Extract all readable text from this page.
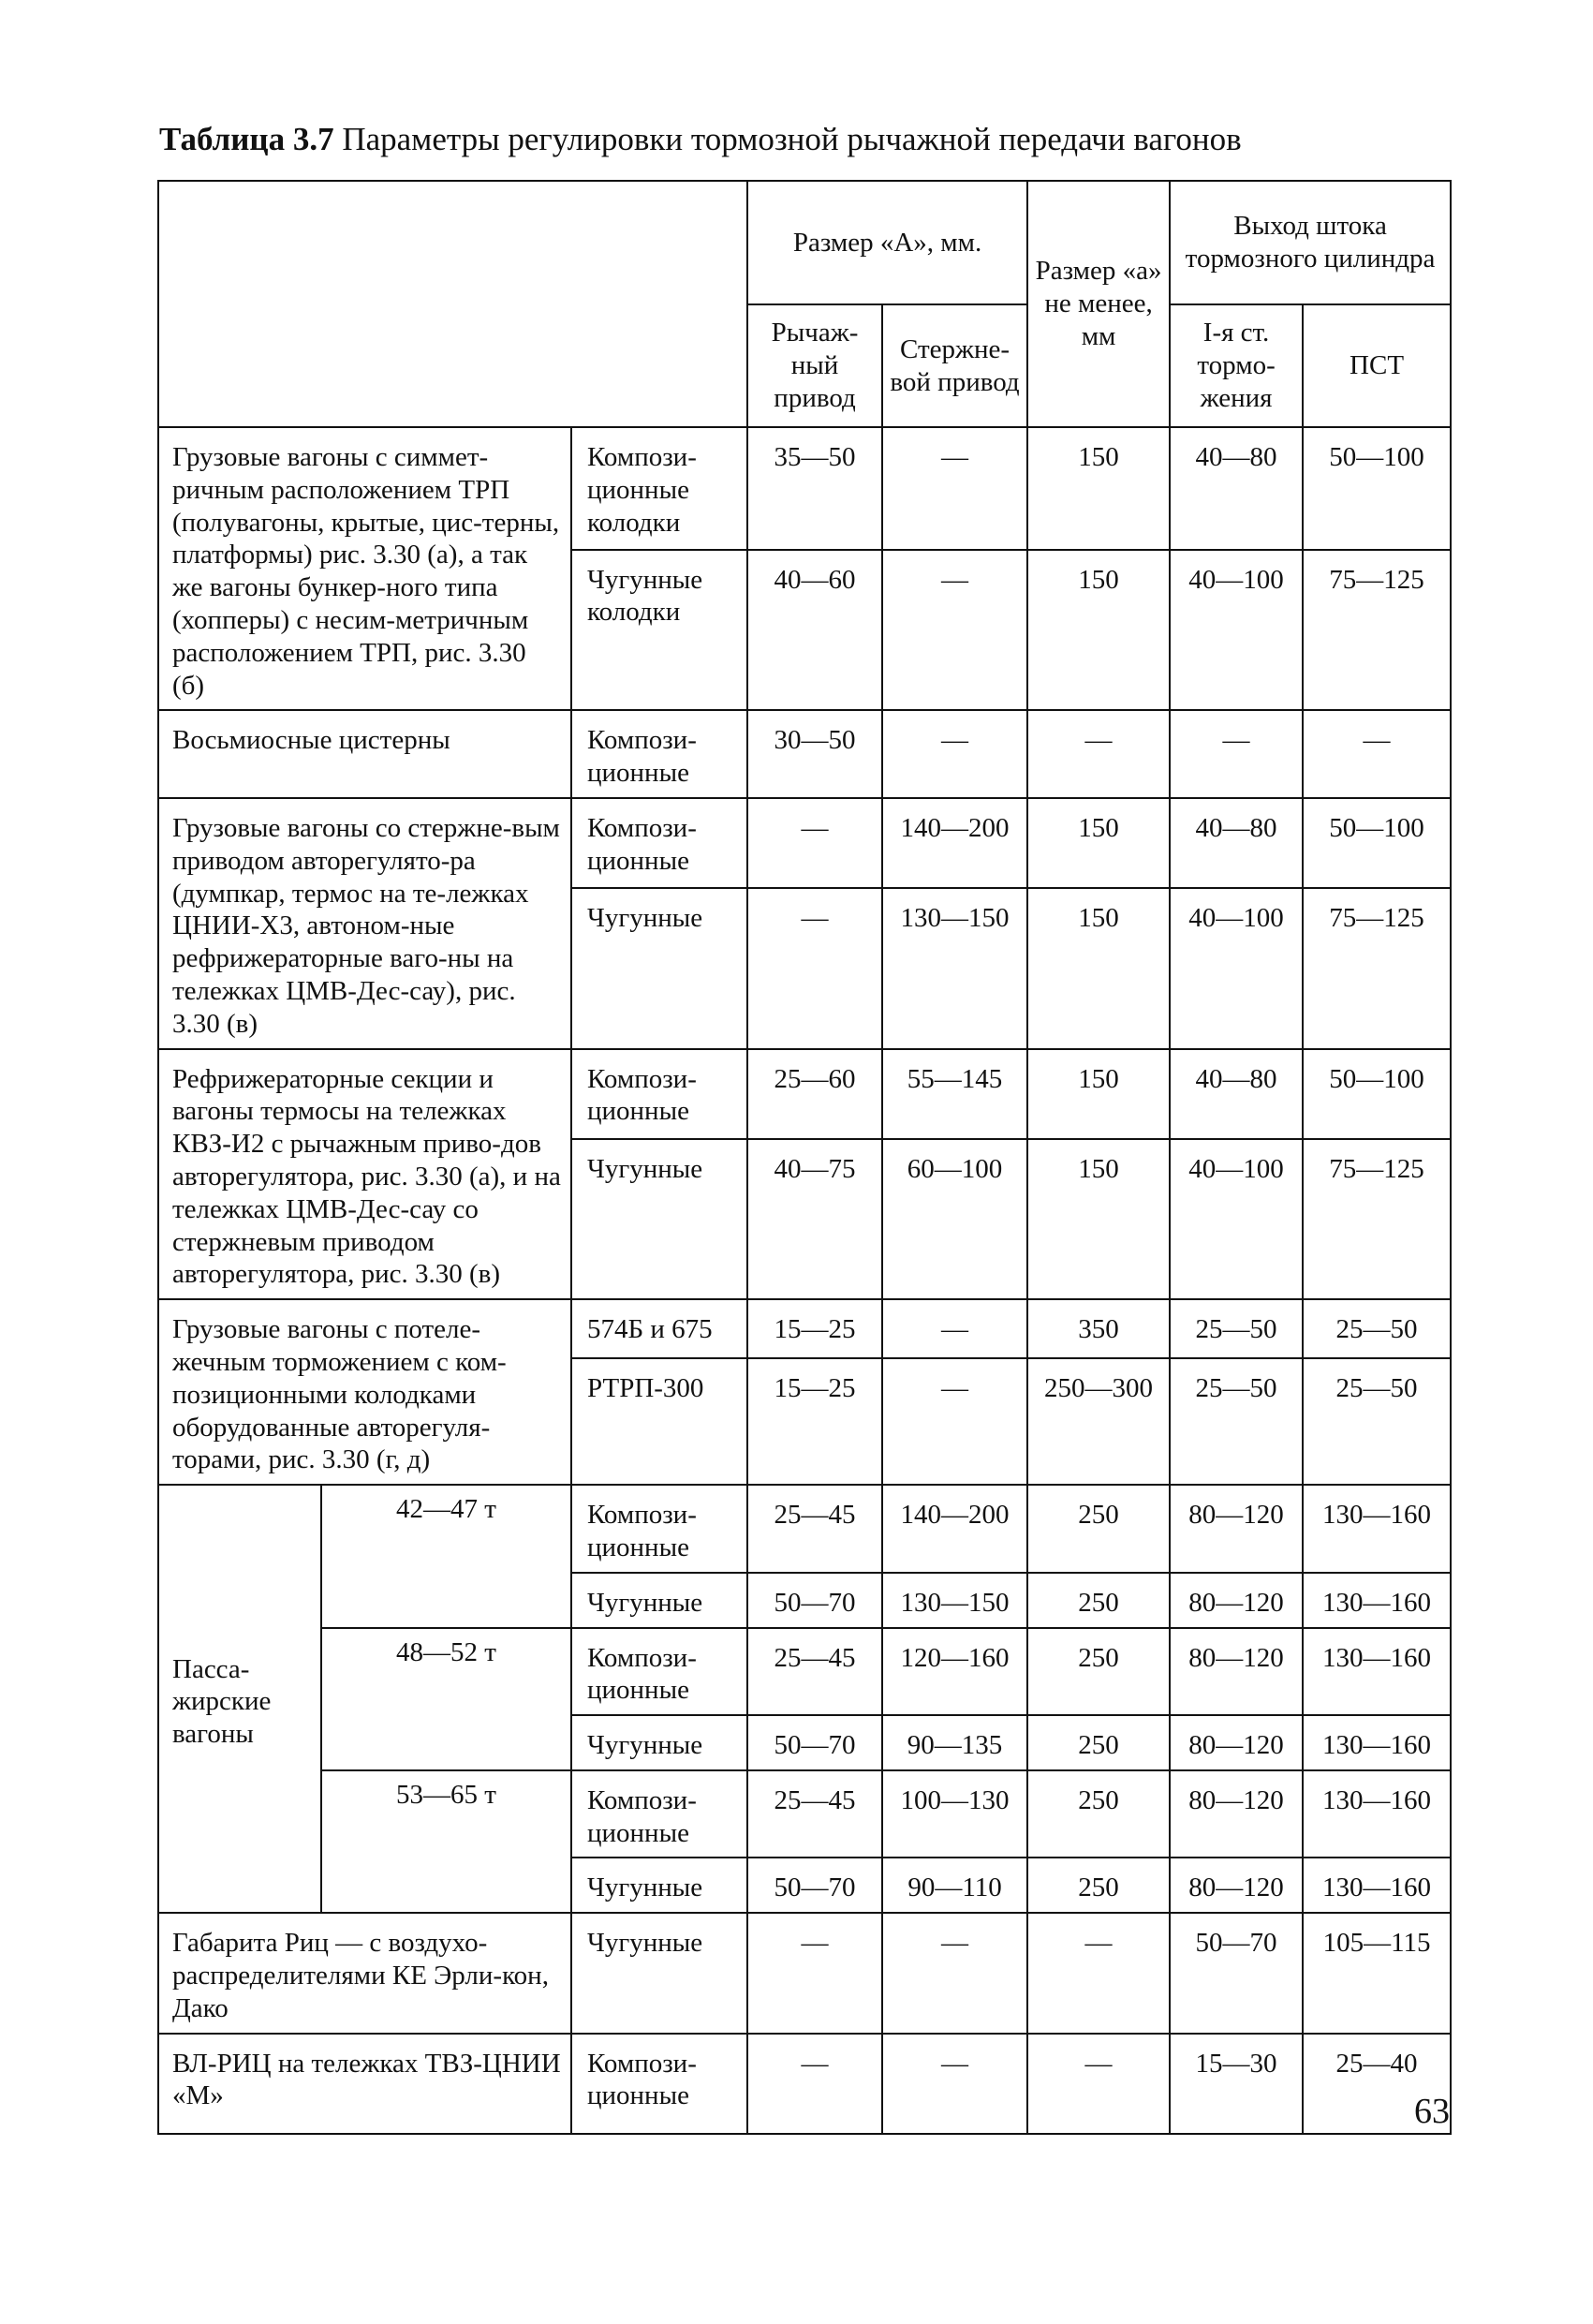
Таблица 3.7 Параметры регулировки тормозной рычажной передачи вагонов
			Размер «А», мм.		Размер «а» не менее, мм	Выход штока тормозного цилиндра	
			Рычаж-ный привод	Стержне-вой привод		I-я ст. тормо-жения	ПСТ
Грузовые вагоны с симмет-ричным расположением ТРП (полувагоны, крытые, цис-терны, платформы) рис. 3.30 (а), а так же вагоны бункер-ного типа (хопперы) с несим-метричным расположением ТРП, рис. 3.30 (б)		Компози-ционные колодки	35—50	—	150	40—80	50—100
		Чугунные колодки	40—60	—	150	40—100	75—125
Восьмиосные цистерны		Компози-ционные	30—50	—	—	—	—
Грузовые вагоны со стержне-вым приводом авторегулято-ра (думпкар, термос на те-лежках ЦНИИ-Х3, автоном-ные рефрижераторные ваго-ны на тележках ЦМВ-Дес-сау), рис. 3.30 (в)		Компози-ционные	—	140—200	150	40—80	50—100
		Чугунные	—	130—150	150	40—100	75—125
Рефрижераторные секции и вагоны термосы на тележках КВЗ-И2 с рычажным приво-дов авторегулятора, рис. 3.30 (а), и на тележках ЦМВ-Дес-сау со стержневым приводом авторегулятора, рис. 3.30 (в)		Компози-ционные	25—60	55—145	150	40—80	50—100
		Чугунные	40—75	60—100	150	40—100	75—125
Грузовые вагоны с потеле-жечным торможением с ком-позиционными колодками оборудованные авторегуля-торами, рис. 3.30 (г, д)		574Б и 675	15—25	—	350	25—50	25—50
		РТРП-300	15—25	—	250—300	25—50	25—50
Пасса-жирские вагоны	42—47 т	Компози-ционные	25—45	140—200	250	80—120	130—160
		Чугунные	50—70	130—150	250	80—120	130—160
	48—52 т	Компози-ционные	25—45	120—160	250	80—120	130—160
		Чугунные	50—70	90—135	250	80—120	130—160
	53—65 т	Компози-ционные	25—45	100—130	250	80—120	130—160
		Чугунные	50—70	90—110	250	80—120	130—160
Габарита Риц — с воздухо-распределителями КЕ Эрли-кон, Дако		Чугунные	—	—	—	50—70	105—115
ВЛ-РИЦ на тележках ТВЗ-ЦНИИ «М»		Компози-ционные	—	—	—	15—30	25—40
63
